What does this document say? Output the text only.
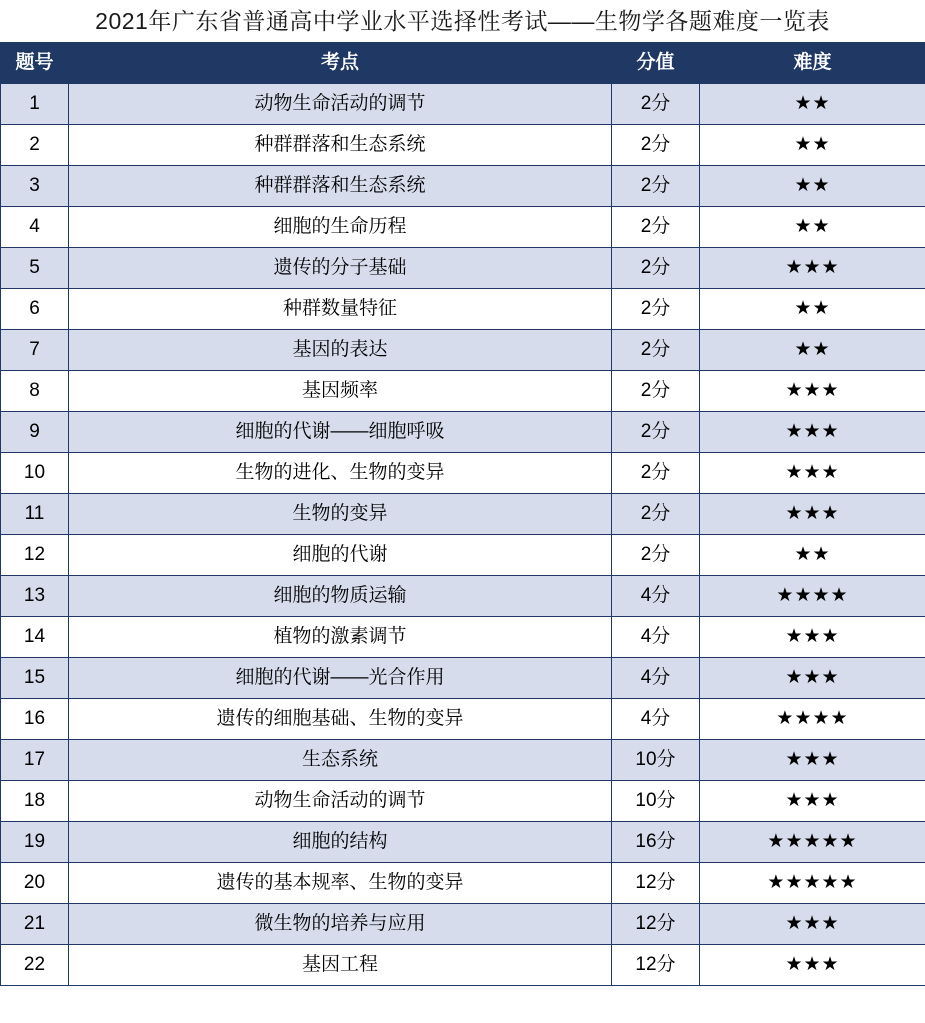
2021年广东省普通高中学业水平选择性考试——生物学各题难度一览表
题号	考点	分值	难度
1	动物生命活动的调节	2分	★★
2	种群群落和生态系统	2分	★★
3	种群群落和生态系统	2分	★★
4	细胞的生命历程	2分	★★
5	遗传的分子基础	2分	★★★
6	种群数量特征	2分	★★
7	基因的表达	2分	★★
8	基因频率	2分	★★★
9	细胞的代谢——细胞呼吸	2分	★★★
10	生物的进化、生物的变异	2分	★★★
11	生物的变异	2分	★★★
12	细胞的代谢	2分	★★
13	细胞的物质运输	4分	★★★★
14	植物的激素调节	4分	★★★
15	细胞的代谢——光合作用	4分	★★★
16	遗传的细胞基础、生物的变异	4分	★★★★
17	生态系统	10分	★★★
18	动物生命活动的调节	10分	★★★
19	细胞的结构	16分	★★★★★
20	遗传的基本规率、生物的变异	12分	★★★★★
21	微生物的培养与应用	12分	★★★
22	基因工程	12分	★★★
